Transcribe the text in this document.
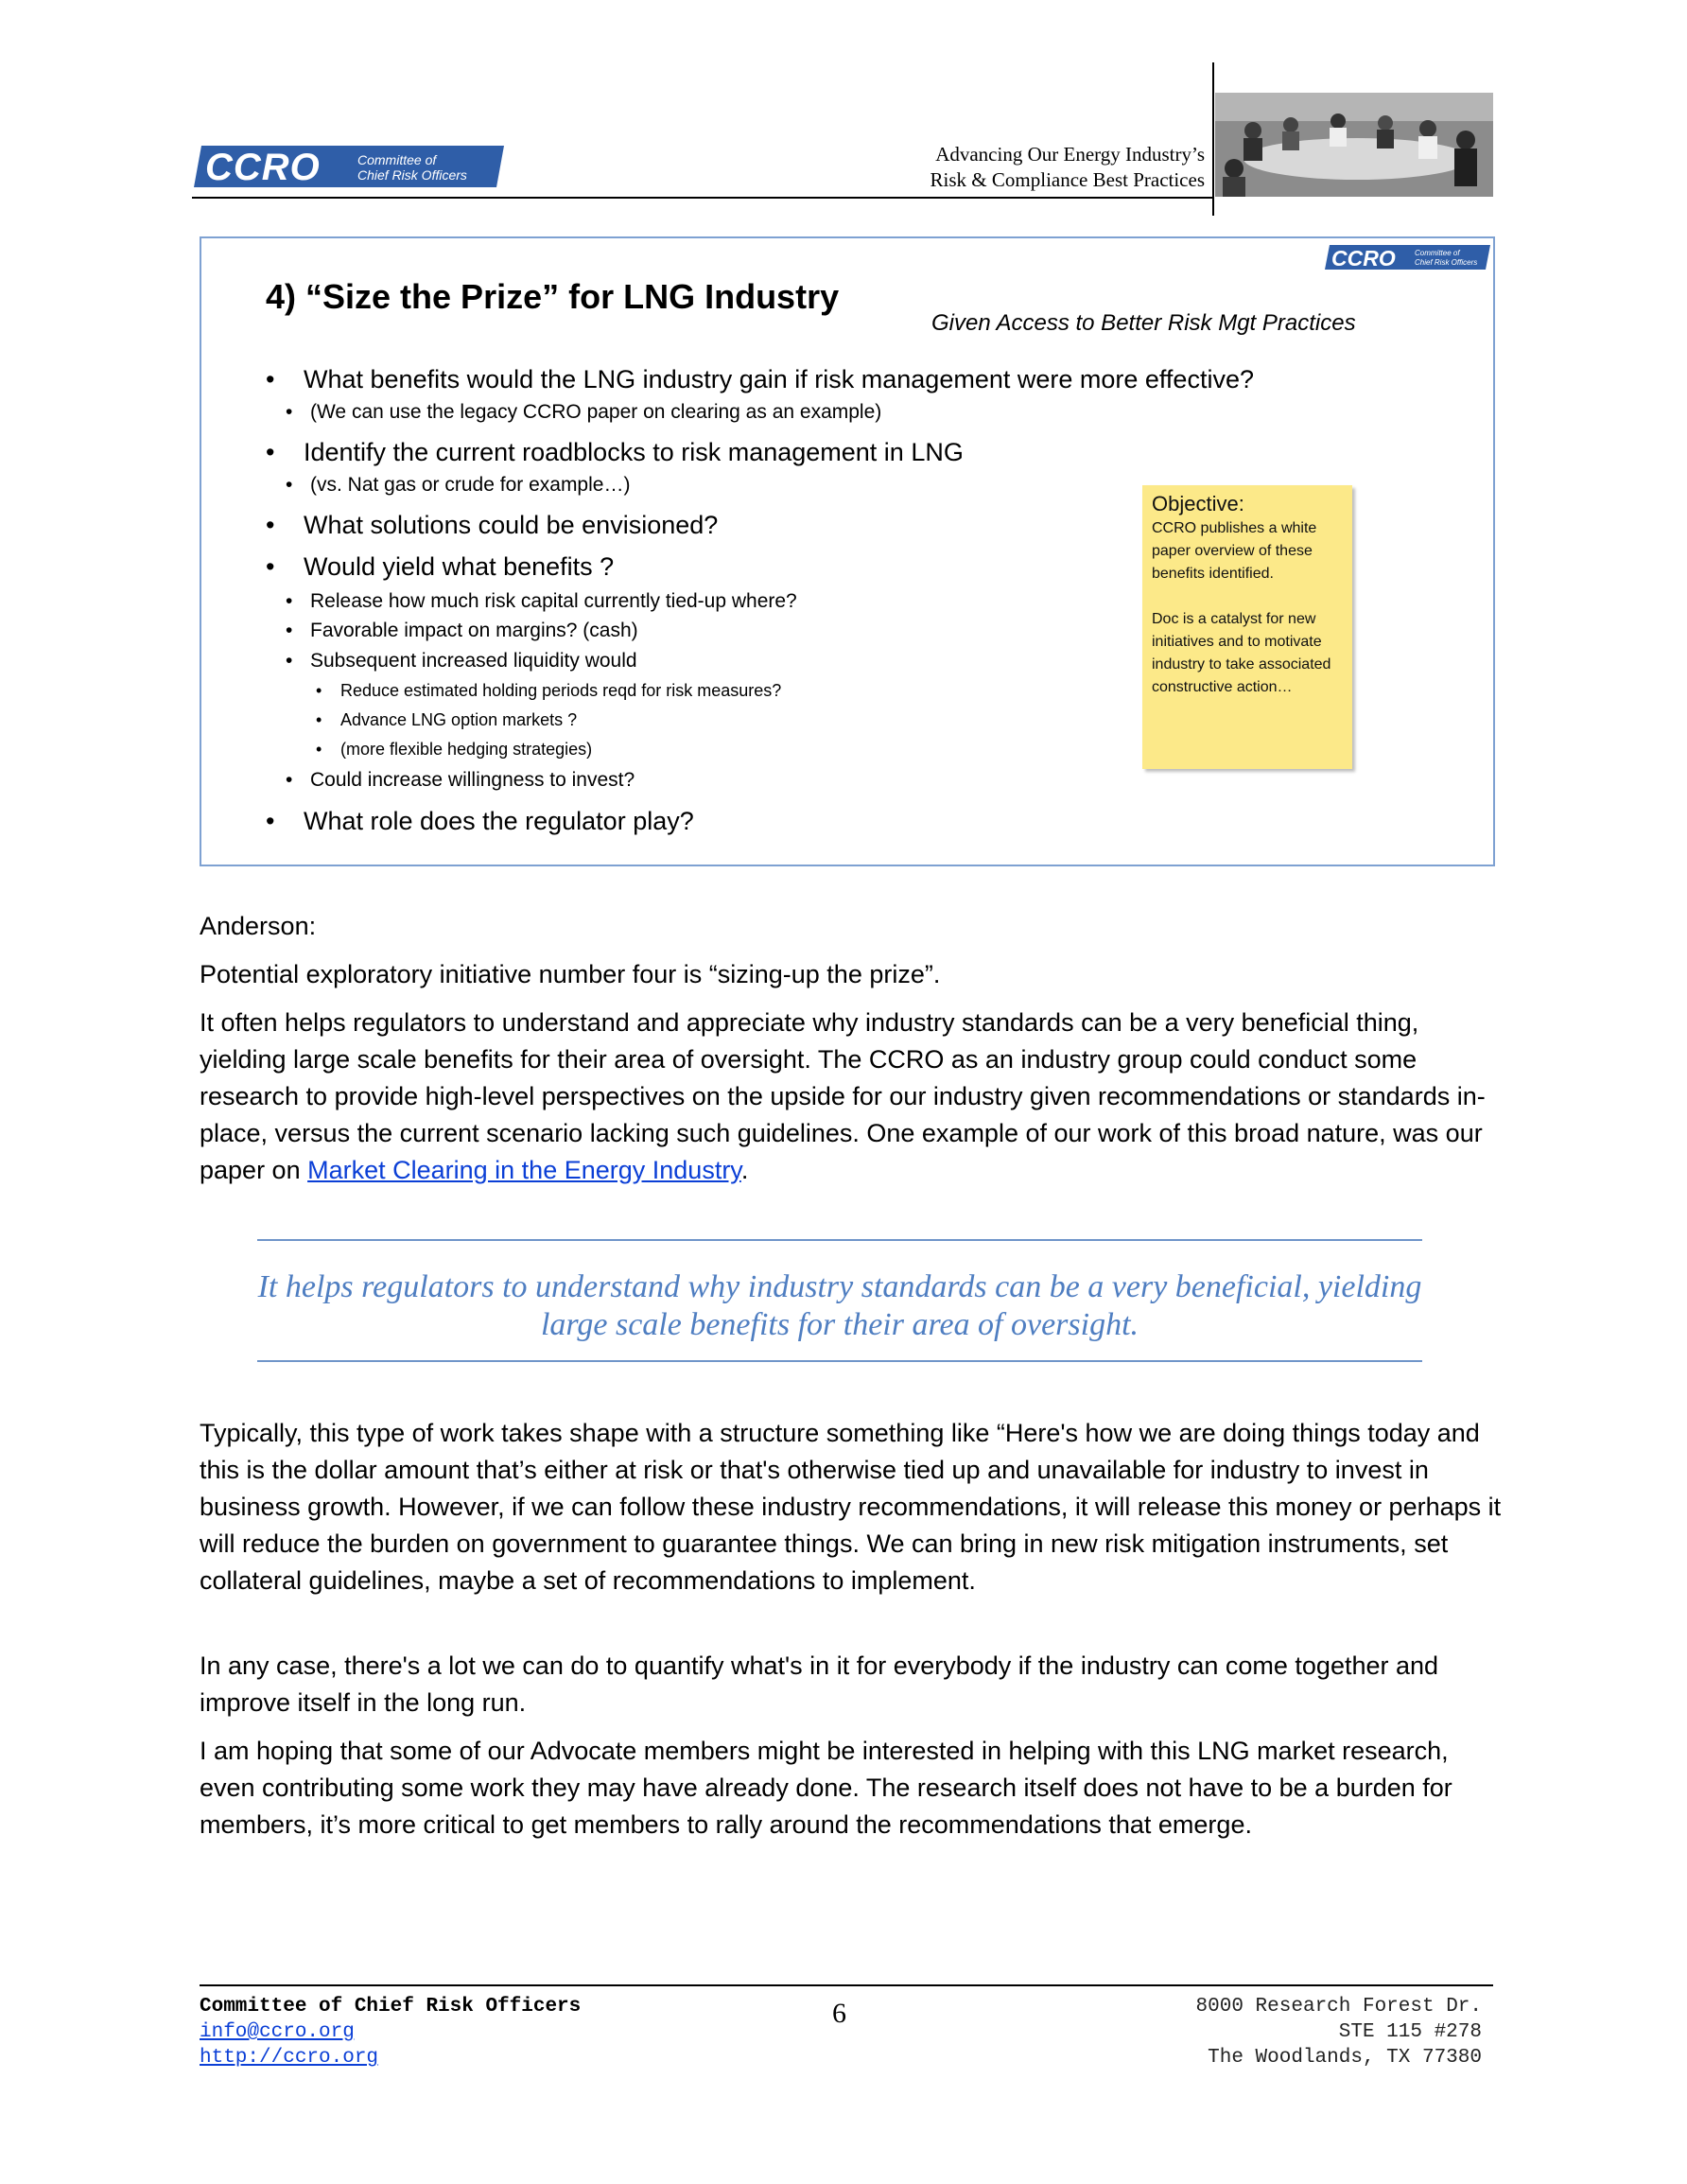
CCRO	Committee of
Chief Risk Officers
Advancing Our Energy Industry’s
Risk & Compliance Best Practices
CCRO	Committee of
Chief Risk Officers
4) “Size the Prize” for LNG Industry
Given Access to Better Risk Mgt Practices
• What benefits would the LNG industry gain if risk management were more effective?
• (We can use the legacy CCRO paper on clearing as an example)
• Identify the current roadblocks to risk management in LNG
• (vs. Nat gas or crude for example…)
• What solutions could be envisioned?
• Would yield what benefits ?
• Release how much risk capital currently tied-up where?
• Favorable impact on margins? (cash)
• Subsequent increased liquidity would
• Reduce estimated holding periods reqd for risk measures?
• Advance LNG option markets ?
• (more flexible hedging strategies)
• Could increase willingness to invest?
• What role does the regulator play?

Objective:

CCRO publishes a white paper overview of these benefits identified.

Doc is a catalyst for new initiatives and to motivate industry to take associated constructive action…

Anderson:
Potential exploratory initiative number four is “sizing-up the prize”.
It often helps regulators to understand and appreciate why industry standards can be a very beneficial thing, yielding large scale benefits for their area of oversight. The CCRO as an industry group could conduct some research to provide high-level perspectives on the upside for our industry given recommendations or standards in-place, versus the current scenario lacking such guidelines. One example of our work of this broad nature, was our paper on Market Clearing in the Energy Industry.
It helps regulators to understand why industry standards can be a very beneficial, yielding large scale benefits for their area of oversight.
Typically, this type of work takes shape with a structure something like “Here's how we are doing things today and this is the dollar amount that’s either at risk or that's otherwise tied up and unavailable for industry to invest in business growth. However, if we can follow these industry recommendations, it will release this money or perhaps it will reduce the burden on government to guarantee things. We can bring in new risk mitigation instruments, set collateral guidelines, maybe a set of recommendations to implement.
In any case, there's a lot we can do to quantify what's in it for everybody if the industry can come together and improve itself in the long run.
I am hoping that some of our Advocate members might be interested in helping with this LNG market research, even contributing some work they may have already done. The research itself does not have to be a burden for members, it’s more critical to get members to rally around the recommendations that emerge.
Committee of Chief Risk Officers
info@ccro.org
http://ccro.org
6	8000 Research Forest Dr.
STE 115 #278
The Woodlands, TX 77380
